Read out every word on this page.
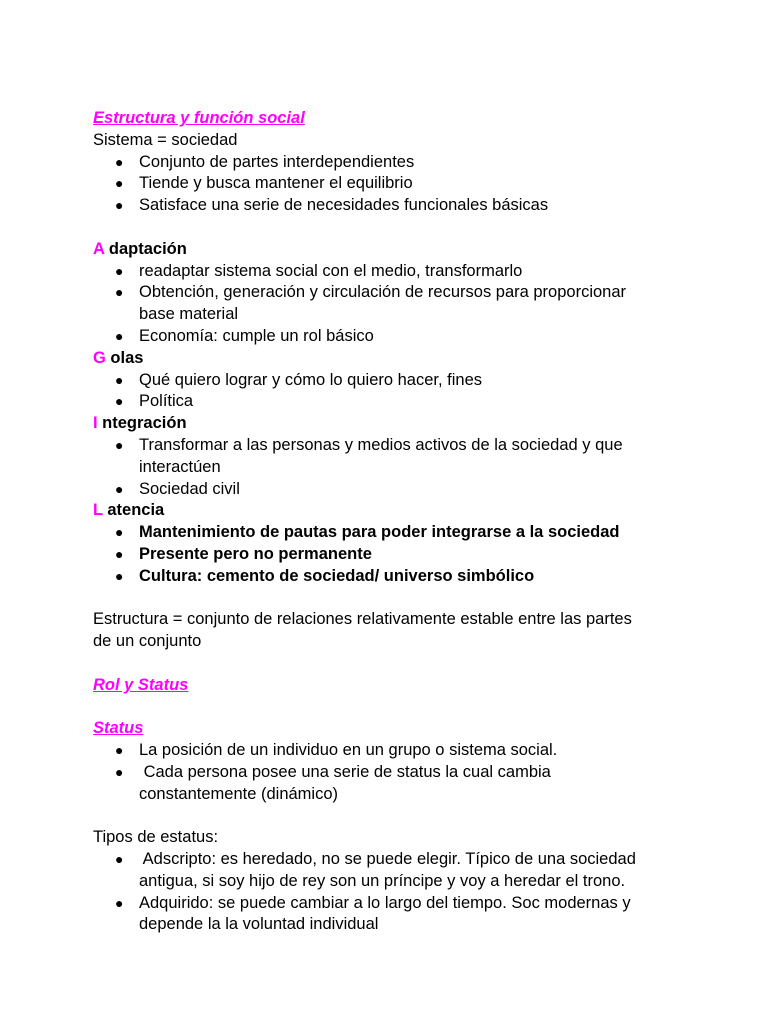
Estructura y función social
Sistema = sociedad
● Conjunto de partes interdependientes
● Tiende y busca mantener el equilibrio
● Satisface una serie de necesidades funcionales básicas
A daptación
● readaptar sistema social con el medio, transformarlo
● Obtención, generación y circulación de recursos para proporcionar
base material
● Economía: cumple un rol básico
G olas
● Qué quiero lograr y cómo lo quiero hacer, fines
● Política
I ntegración
● Transformar a las personas y medios activos de la sociedad y que
interactúen
● Sociedad civil
L atencia
● Mantenimiento de pautas para poder integrarse a la sociedad
● Presente pero no permanente
● Cultura: cemento de sociedad/ universo simbólico
Estructura = conjunto de relaciones relativamente estable entre las partes
de un conjunto
Rol y Status
Status
● La posición de un individuo en un grupo o sistema social.
● Cada persona posee una serie de status la cual cambia
constantemente (dinámico)
Tipos de estatus:
● Adscripto: es heredado, no se puede elegir. Típico de una sociedad
antigua, si soy hijo de rey son un príncipe y voy a heredar el trono.
● Adquirido: se puede cambiar a lo largo del tiempo. Soc modernas y
depende la la voluntad individual
